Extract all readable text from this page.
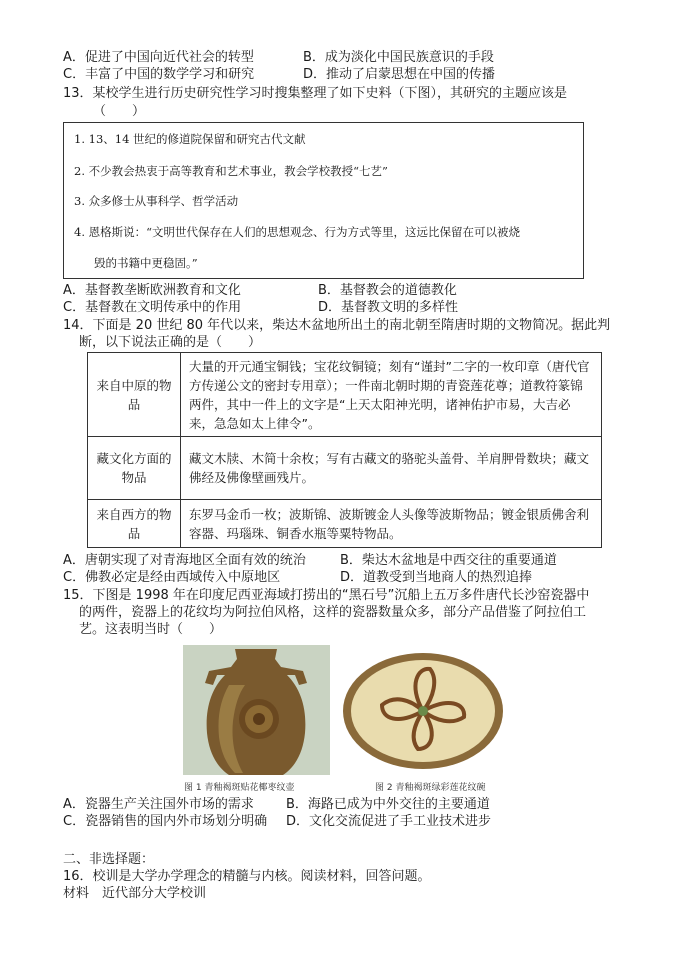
A．促进了中国向近代社会的转型	B．成为淡化中国民族意识的手段
C．丰富了中国的数学学习和研究	D．推动了启蒙思想在中国的传播
13．某校学生进行历史研究性学习时搜集整理了如下史料（下图），其研究的主题应该是
（　　）
1. 13、14 世纪的修道院保留和研究古代文献
2. 不少教会热衷于高等教育和艺术事业，教会学校教授“七艺”
3. 众多修士从事科学、哲学活动
4. 恩格斯说：“文明世代保存在人们的思想观念、行为方式等里，这远比保留在可以被烧
毁的书籍中更稳固。”
A．基督教垄断欧洲教育和文化	B．基督教会的道德教化
C．基督教在文明传承中的作用	D．基督教文明的多样性
14．下面是 20 世纪 80 年代以来，柴达木盆地所出土的南北朝至隋唐时期的文物简况。据此判
断，以下说法正确的是（　　）
来自中原的物品	大量的开元通宝铜钱；宝花纹铜镜；刻有“谨封”二字的一枚印章（唐代官方传递公文的密封专用章）；一件南北朝时期的青瓷莲花尊；道教符篆锦两件，其中一件上的文字是“上天太阳神光明，诸神佑护市易，大吉必来，急急如太上律令”。
藏文化方面的物品	藏文木牍、木简十余枚；写有古藏文的骆驼头盖骨、羊肩胛骨数块；藏文佛经及佛像壁画残片。
来自西方的物品	东罗马金币一枚；波斯锦、波斯镀金人头像等波斯物品；镀金银质佛舍利容器、玛瑙珠、铜香水瓶等粟特物品。
A．唐朝实现了对青海地区全面有效的统治	B．柴达木盆地是中西交往的重要通道
C．佛教必定是经由西域传入中原地区	D．道教受到当地商人的热烈追捧
15．下图是 1998 年在印度尼西亚海域打捞出的“黑石号”沉船上五万多件唐代长沙窑瓷器中
的两件，瓷器上的花纹均为阿拉伯风格，这样的瓷器数量众多，部分产品借鉴了阿拉伯工
艺。这表明当时（　　）
图 1 青釉褐斑贴花椰枣纹壶	图 2 青釉褐斑绿彩莲花纹碗
A．瓷器生产关注国外市场的需求 B．海路已成为中外交往的主要通道
C．瓷器销售的国内外市场划分明确 D．文化交流促进了手工业技术进步
二、非选择题：
16．校训是大学办学理念的精髓与内核。阅读材料，回答问题。
材料　近代部分大学校训
